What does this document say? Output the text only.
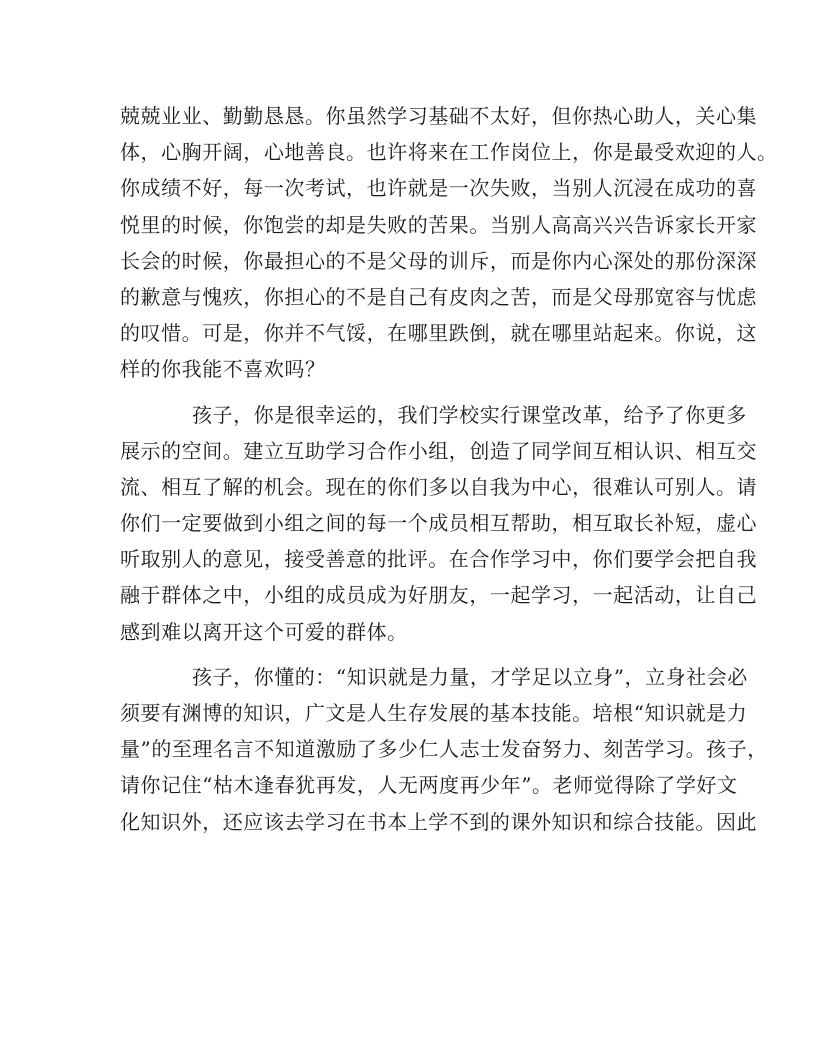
兢兢业业、勤勤恳恳。你虽然学习基础不太好，但你热心助人，关心集
体，心胸开阔，心地善良。也许将来在工作岗位上，你是最受欢迎的人。
你成绩不好，每一次考试，也许就是一次失败，当别人沉浸在成功的喜
悦里的时候，你饱尝的却是失败的苦果。当别人高高兴兴告诉家长开家
长会的时候，你最担心的不是父母的训斥，而是你内心深处的那份深深
的歉意与愧疚，你担心的不是自己有皮肉之苦，而是父母那宽容与忧虑
的叹惜。可是，你并不气馁，在哪里跌倒，就在哪里站起来。你说，这
样的你我能不喜欢吗？
孩子，你是很幸运的，我们学校实行课堂改革，给予了你更多
展示的空间。建立互助学习合作小组，创造了同学间互相认识、相互交
流、相互了解的机会。现在的你们多以自我为中心，很难认可别人。请
你们一定要做到小组之间的每一个成员相互帮助，相互取长补短，虚心
听取别人的意见，接受善意的批评。在合作学习中，你们要学会把自我
融于群体之中，小组的成员成为好朋友，一起学习，一起活动，让自己
感到难以离开这个可爱的群体。
孩子，你懂的：“知识就是力量，才学足以立身”，立身社会必
须要有渊博的知识，广文是人生存发展的基本技能。培根“知识就是力
量”的至理名言不知道激励了多少仁人志士发奋努力、刻苦学习。孩子，
请你记住“枯木逢春犹再发，人无两度再少年”。老师觉得除了学好文
化知识外，还应该去学习在书本上学不到的课外知识和综合技能。因此
